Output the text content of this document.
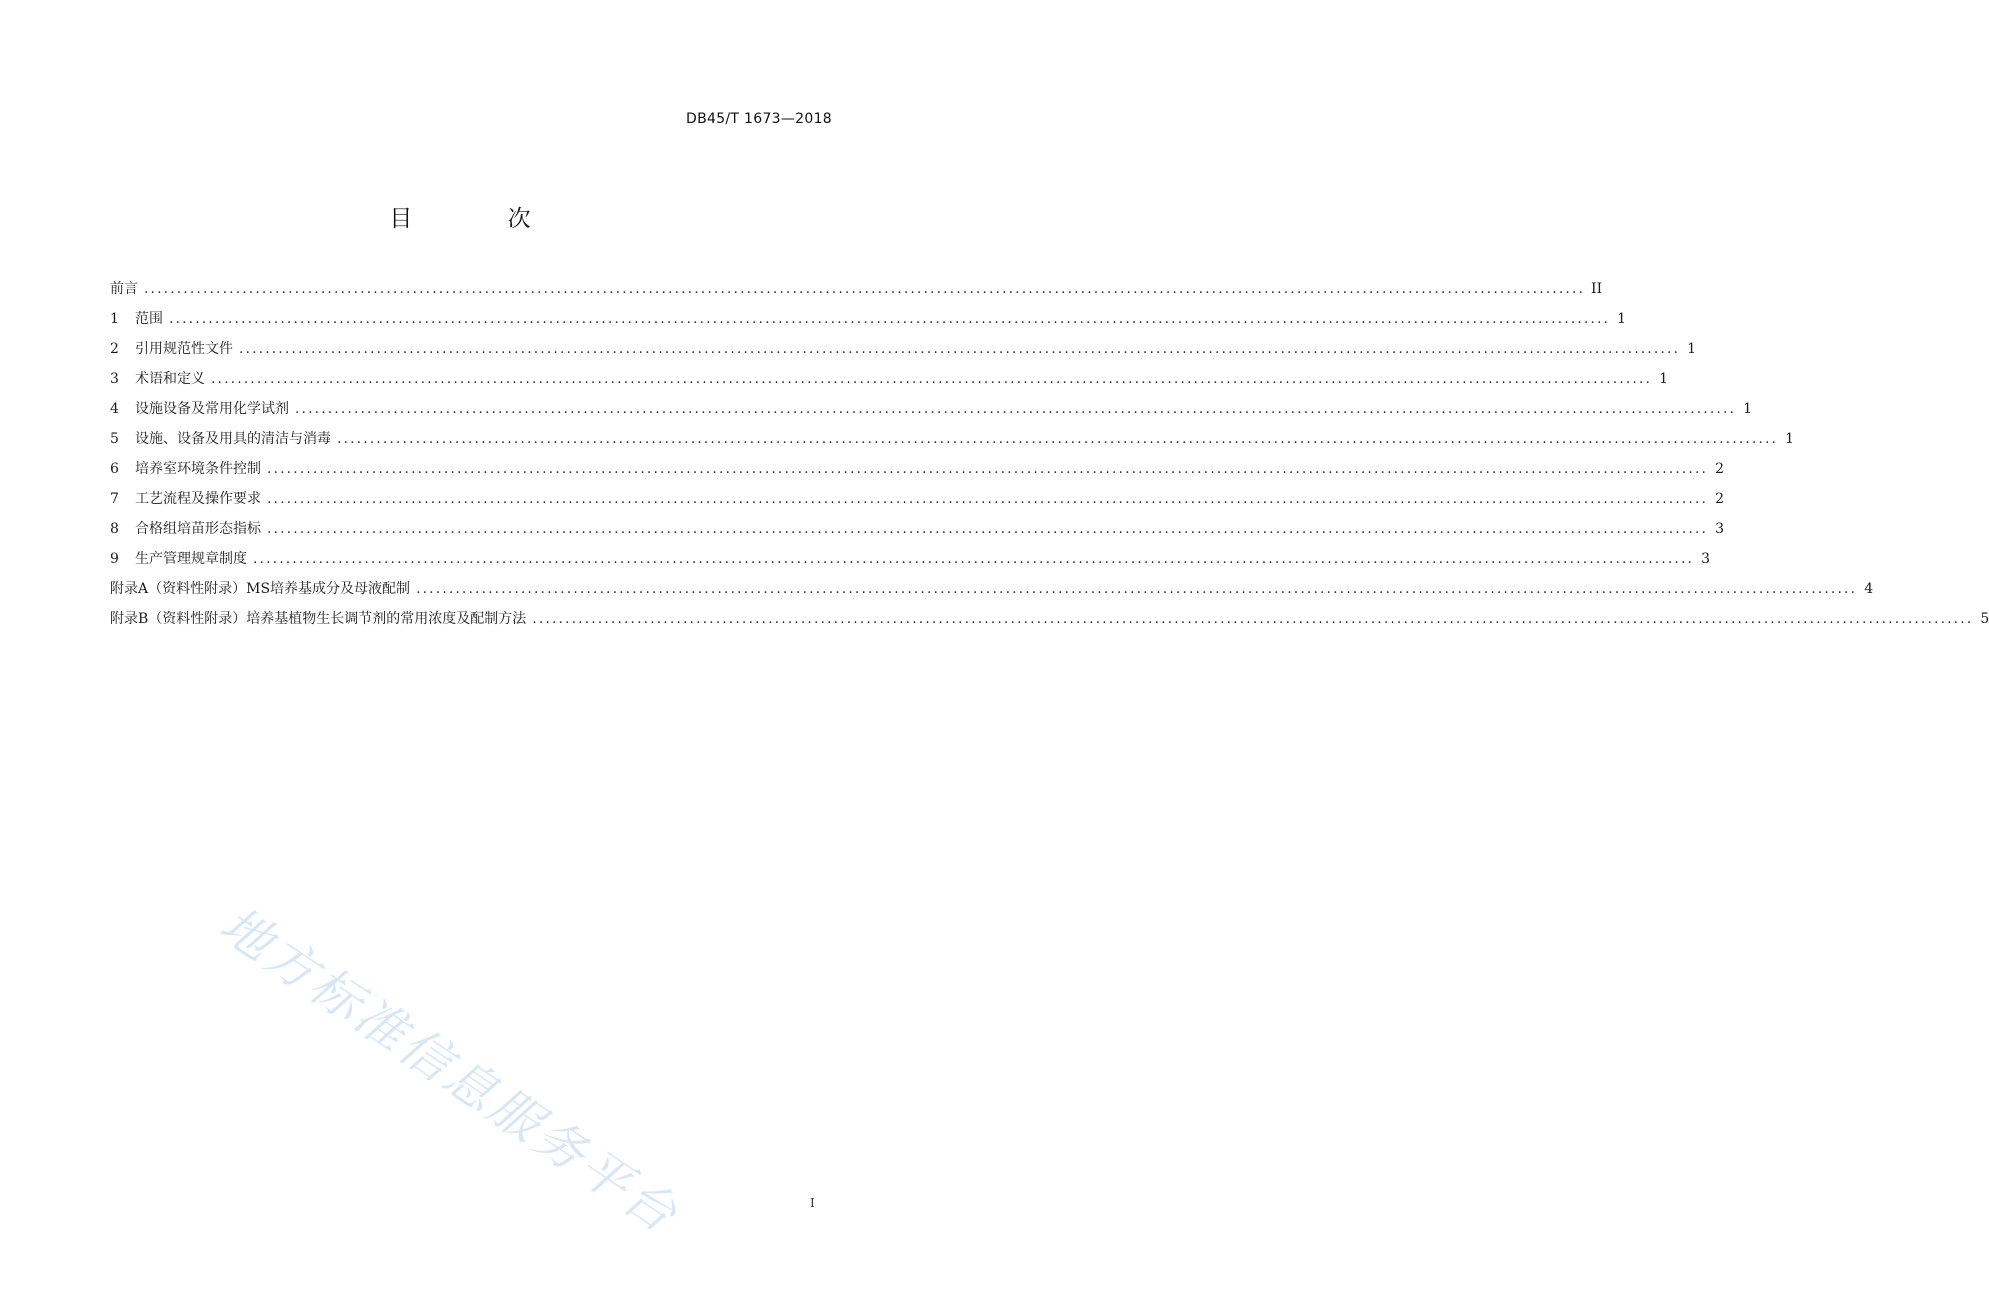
DB45/T 1673—2018
目 次
前言 ............................................................................................................................................................................................................................ II
1	范围 ............................................................................................................................................................................................................................ 1
2	引用规范性文件 ............................................................................................................................................................................................................................ 1
3	术语和定义 ............................................................................................................................................................................................................................ 1
4	设施设备及常用化学试剂 ............................................................................................................................................................................................................................ 1
5	设施、设备及用具的清洁与消毒 ............................................................................................................................................................................................................................ 1
6	培养室环境条件控制 ............................................................................................................................................................................................................................ 2
7	工艺流程及操作要求 ............................................................................................................................................................................................................................ 2
8	合格组培苗形态指标 ............................................................................................................................................................................................................................ 3
9	生产管理规章制度 ............................................................................................................................................................................................................................ 3
附录A（资料性附录） MS培养基成分及母液配制 ............................................................................................................................................................................................................................ 4
附录B（资料性附录） 培养基植物生长调节剂的常用浓度及配制方法 ............................................................................................................................................................................................................................ 5
地方标准信息服务平台	I
